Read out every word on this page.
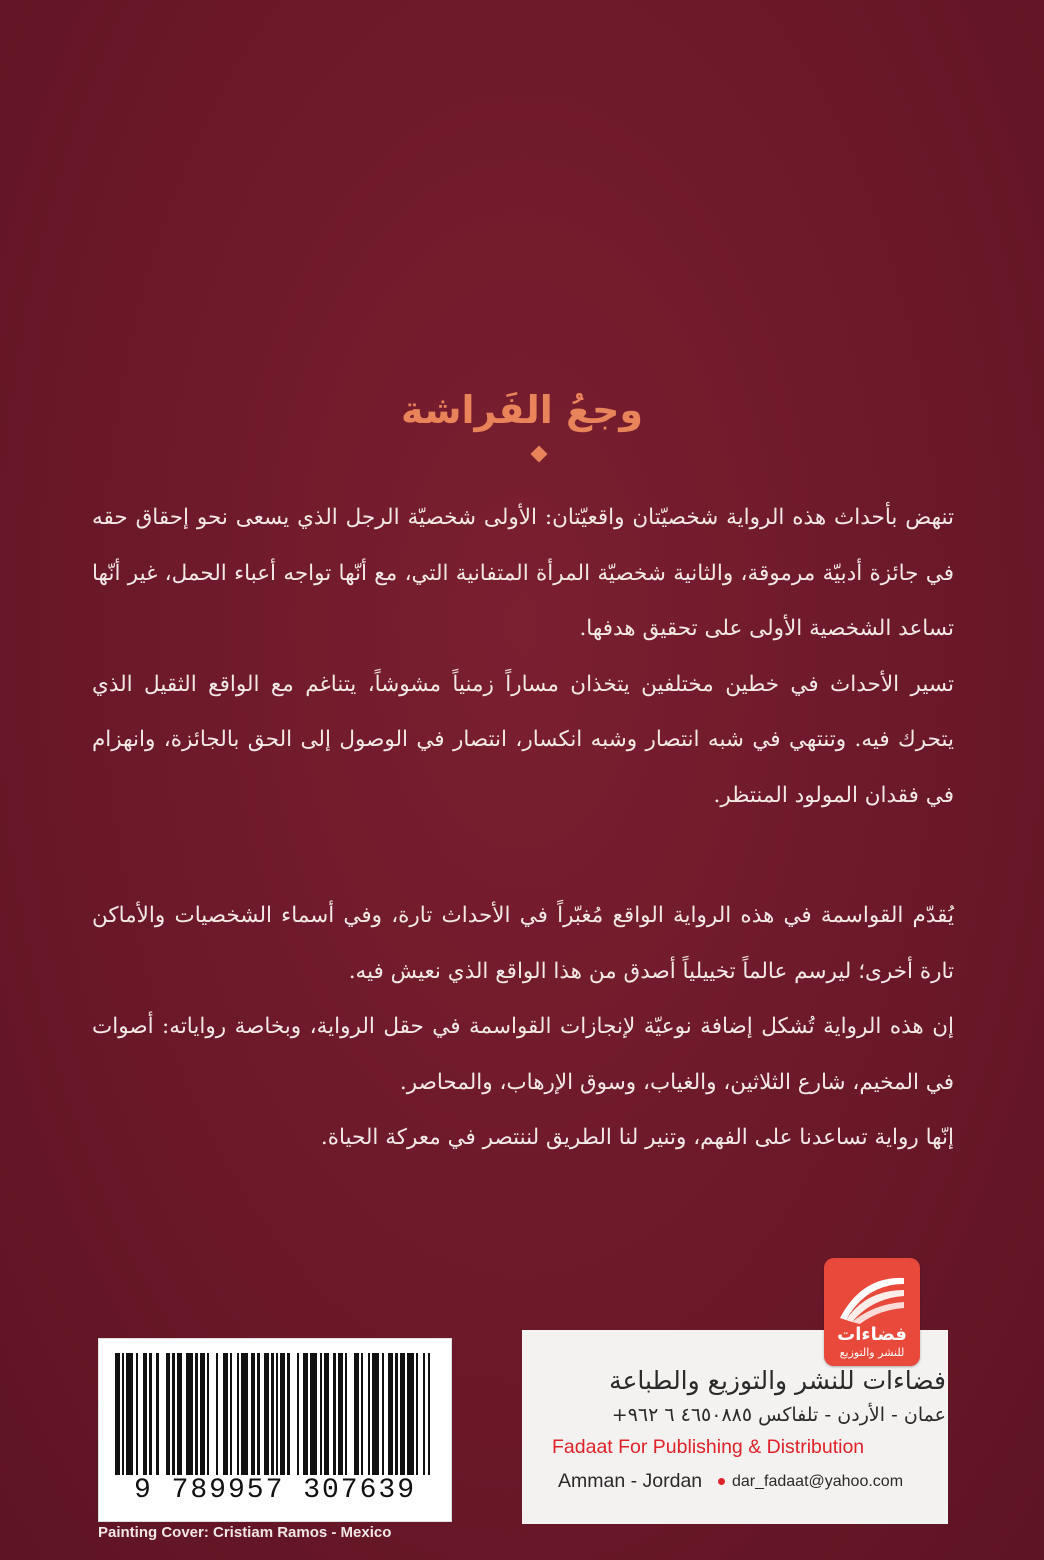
وجعُ الفَراشة

تنهض بأحداث هذه الرواية شخصيّتان واقعيّتان: الأولى شخصيّة الرجل الذي يسعى نحو إحقاق حقه في جائزة أدبيّة مرموقة، والثانية شخصيّة المرأة المتفانية التي، مع أنّها تواجه أعباء الحمل، غير أنّها تساعد الشخصية الأولى على تحقيق هدفها.

تسير الأحداث في خطين مختلفين يتخذان مساراً زمنياً مشوشاً، يتناغم مع الواقع الثقيل الذي يتحرك فيه. وتنتهي في شبه انتصار وشبه انكسار، انتصار في الوصول إلى الحق بالجائزة، وانهزام في فقدان المولود المنتظر.

يُقدّم القواسمة في هذه الرواية الواقع مُغبّراً في الأحداث تارة، وفي أسماء الشخصيات والأماكن تارة أخرى؛ ليرسم عالماً تخييلياً أصدق من هذا الواقع الذي نعيش فيه.

إن هذه الرواية تُشكل إضافة نوعيّة لإنجازات القواسمة في حقل الرواية، وبخاصة رواياته: أصوات في المخيم، شارع الثلاثين، والغياب، وسوق الإرهاب، والمحاصر.

إنّها رواية تساعدنا على الفهم، وتنير لنا الطريق لننتصر في معركة الحياة.

9 789957 307639
Painting Cover: Cristiam Ramos - Mexico
فضاءات
للنشر والتوزيع
فضاءات للنشر والتوزيع والطباعة
عمان - الأردن - تلفاكس ٤٦٥٠٨٨٥ ٦ ٩٦٢+
Fadaat For Publishing & Distribution
Amman - Jordan dar_fadaat@yahoo.com
